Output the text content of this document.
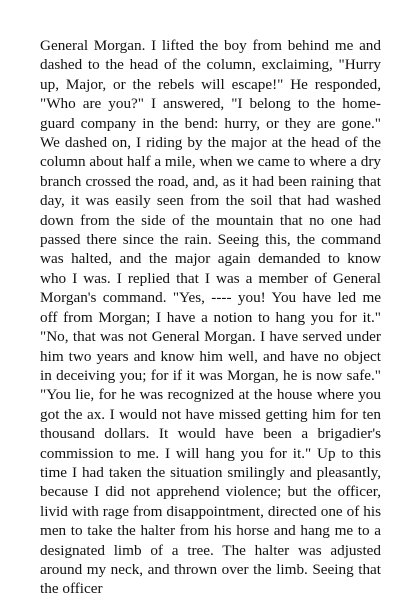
General Morgan. I lifted the boy from behind me and dashed to the head of the column, exclaiming, "Hurry up, Major, or the rebels will escape!" He responded, "Who are you?" I answered, "I belong to the home-guard company in the bend: hurry, or they are gone." We dashed on, I riding by the major at the head of the column about half a mile, when we came to where a dry branch crossed the road, and, as it had been raining that day, it was easily seen from the soil that had washed down from the side of the mountain that no one had passed there since the rain. Seeing this, the command was halted, and the major again demanded to know who I was. I replied that I was a member of General Morgan's command. "Yes, ---- you! You have led me off from Morgan; I have a notion to hang you for it." "No, that was not General Morgan. I have served under him two years and know him well, and have no object in deceiving you; for if it was Morgan, he is now safe." "You lie, for he was recognized at the house where you got the ax. I would not have missed getting him for ten thousand dollars. It would have been a brigadier's commission to me. I will hang you for it." Up to this time I had taken the situation smilingly and pleasantly, because I did not apprehend violence; but the officer, livid with rage from disappointment, directed one of his men to take the halter from his horse and hang me to a designated limb of a tree. The halter was adjusted around my neck, and thrown over the limb. Seeing that the officer
